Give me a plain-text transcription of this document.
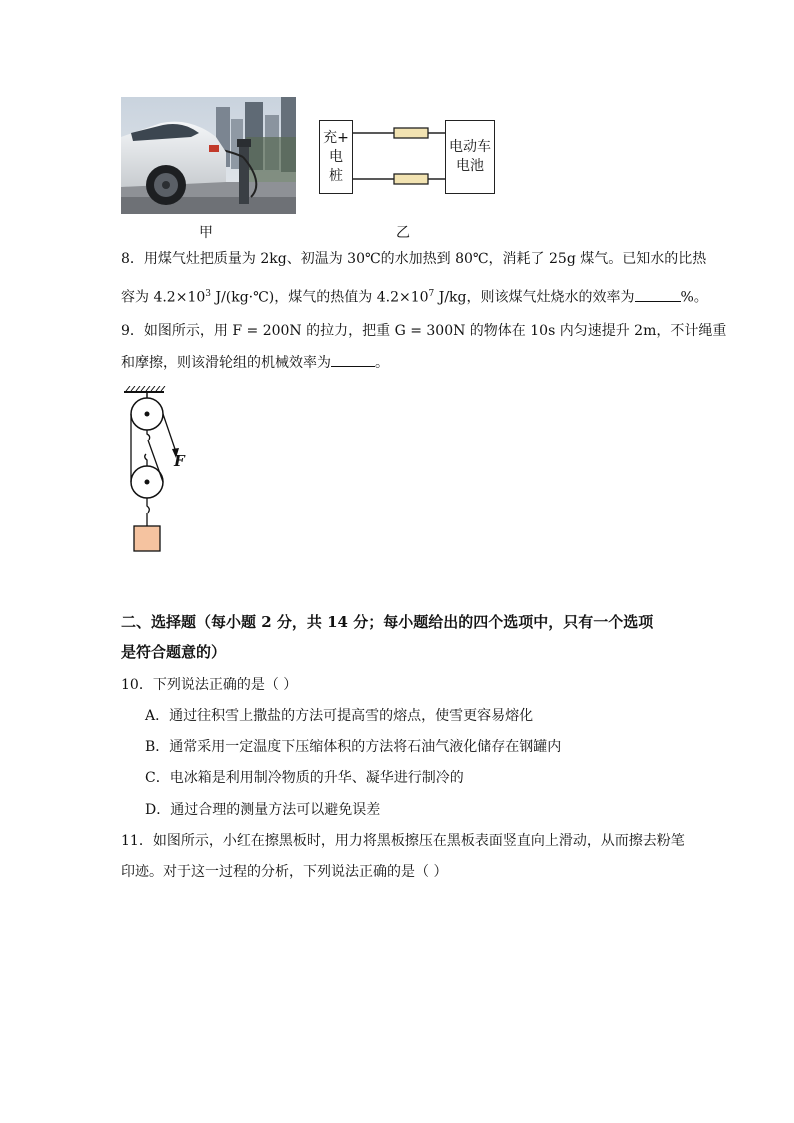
甲
充+
电
桩
电动车
电池
乙
8．用煤气灶把质量为 2kg、初温为 30℃的水加热到 80℃，消耗了 25g 煤气。已知水的比热
容为 $4.2\times 10^3$ J/(kg·℃)，煤气的热值为 $4.2\times 10^7$ J/kg，则该煤气灶烧水的效率为	%。
9．如图所示，用 F = 200N 的拉力，把重 G = 300N 的物体在 10s 内匀速提升 2m，不计绳重
和摩擦，则该滑轮组的机械效率为	。
F
二、选择题（每小题 2 分，共 14 分；每小题给出的四个选项中，只有一个选项
是符合题意的）
10．下列说法正确的是（ ）
A．通过往积雪上撒盐的方法可提高雪的熔点，使雪更容易熔化
B．通常采用一定温度下压缩体积的方法将石油气液化储存在钢罐内
C．电冰箱是利用制冷物质的升华、凝华进行制冷的
D．通过合理的测量方法可以避免误差
11．如图所示，小红在擦黑板时，用力将黑板擦压在黑板表面竖直向上滑动，从而擦去粉笔
印迹。对于这一过程的分析，下列说法正确的是（ ）
